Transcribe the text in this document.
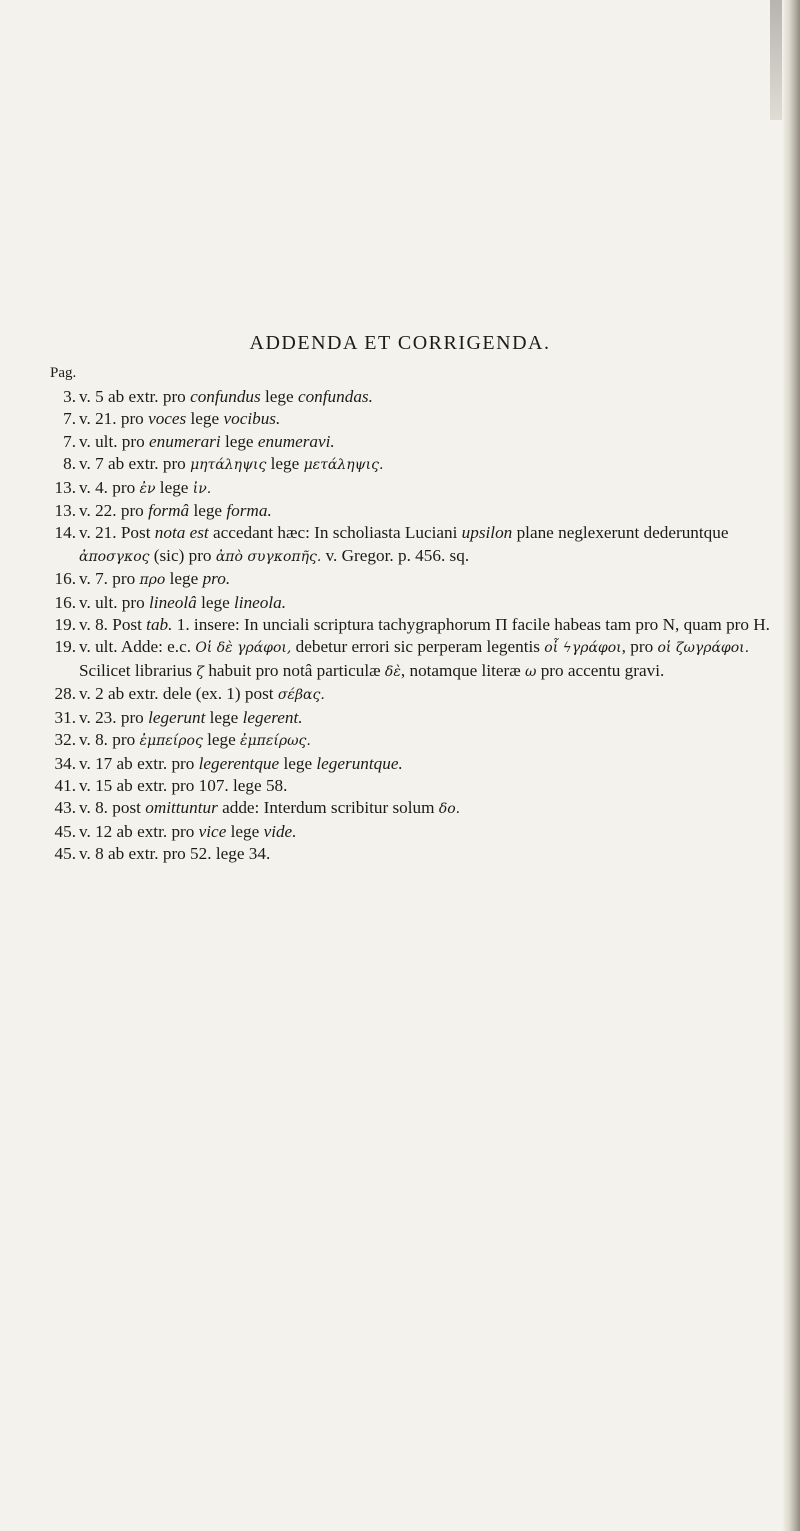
ADDENDA ET CORRIGENDA.
Pag.
3. v. 5 ab extr. pro confundus lege confundas.
7. v. 21. pro voces lege vocibus.
7. v. ult. pro enumerari lege enumeravi.
8. v. 7 ab extr. pro μητάληψις lege μετάληψις.
13. v. 4. pro ἐν lege ἰν.
13. v. 22. pro formâ lege forma.
14. v. 21. Post nota est accedant hæc: In scholiasta Luciani upsilon plane neglexerunt dederuntque ἀποσγκος (sic) pro ἀπὸ συγκοπῆς. v. Gregor. p. 456. sq.
16. v. 7. pro πρo lege pro.
16. v. ult. pro lineolâ lege lineola.
19. v. 8. Post tab. 1. insere: In unciali scriptura tachygraphorum Π facile habeas tam pro N, quam pro H.
19. v. ult. Adde: e.c. Oἱ δὲ γράφοι, debetur errori sic perperam legentis οἷ ϟγράφοι, pro οἱ ζωγράφοι. Scilicet librarius ζ habuit pro notâ particulæ δὲ, notamque literæ ω pro accentu gravi.
28. v. 2 ab extr. dele (ex. 1) post σέβας.
31. v. 23. pro legerunt lege legerent.
32. v. 8. pro ἐμπείρος lege ἐμπείρως.
34. v. 17 ab extr. pro legerentque lege legeruntque.
41. v. 15 ab extr. pro 107. lege 58.
43. v. 8. post omittuntur adde: Interdum scribitur solum δο.
45. v. 12 ab extr. pro vice lege vide.
45. v. 8 ab extr. pro 52. lege 34.
